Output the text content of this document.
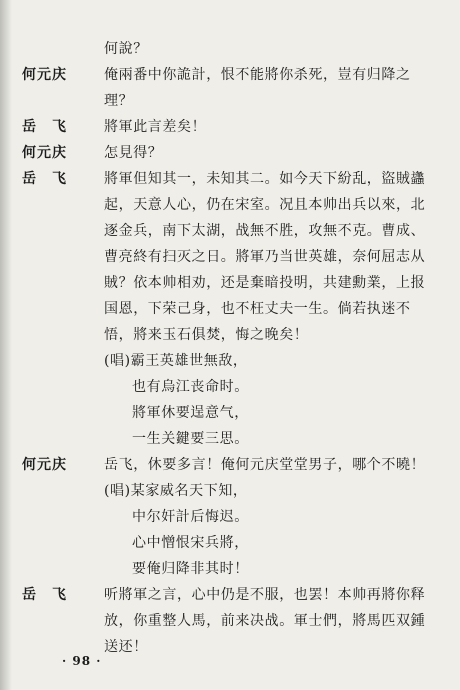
何說？
何元庆	俺兩番中你詭計，恨不能將你杀死，豈有归降之
理？
岳　飞	將軍此言差矣！
何元庆	怎見得？
岳　飞	將軍但知其一，未知其二。如今天下紛乱，盜賊蠭
起，天意人心，仍在宋室。况且本帅出兵以來，北
逐金兵，南下太湖，战無不胜，攻無不克。曹成、
曹亮終有扫灭之日。將軍乃当世英雄，奈何屈志从
賊？依本帅相劝，还是棄暗投明，共建勳業，上报
国恩，下荣己身，也不枉丈夫一生。倘若执迷不
悟，將来玉石俱焚，悔之晚矣！
(唱)霸王英雄世無敌，
也有烏江丧命时。
將軍休要逞意气，
一生关鍵要三思。
何元庆	岳飞，休要多言！俺何元庆堂堂男子，哪个不曉！
(唱)某家威名天下知，
中尔奸計后悔迟。
心中憎恨宋兵將，
要俺归降非其时！
岳　飞	听將軍之言，心中仍是不服，也罢！本帅再將你释
放，你重整人馬，前来决战。軍士們，將馬匹双鍾
送还！
· 98 ·
